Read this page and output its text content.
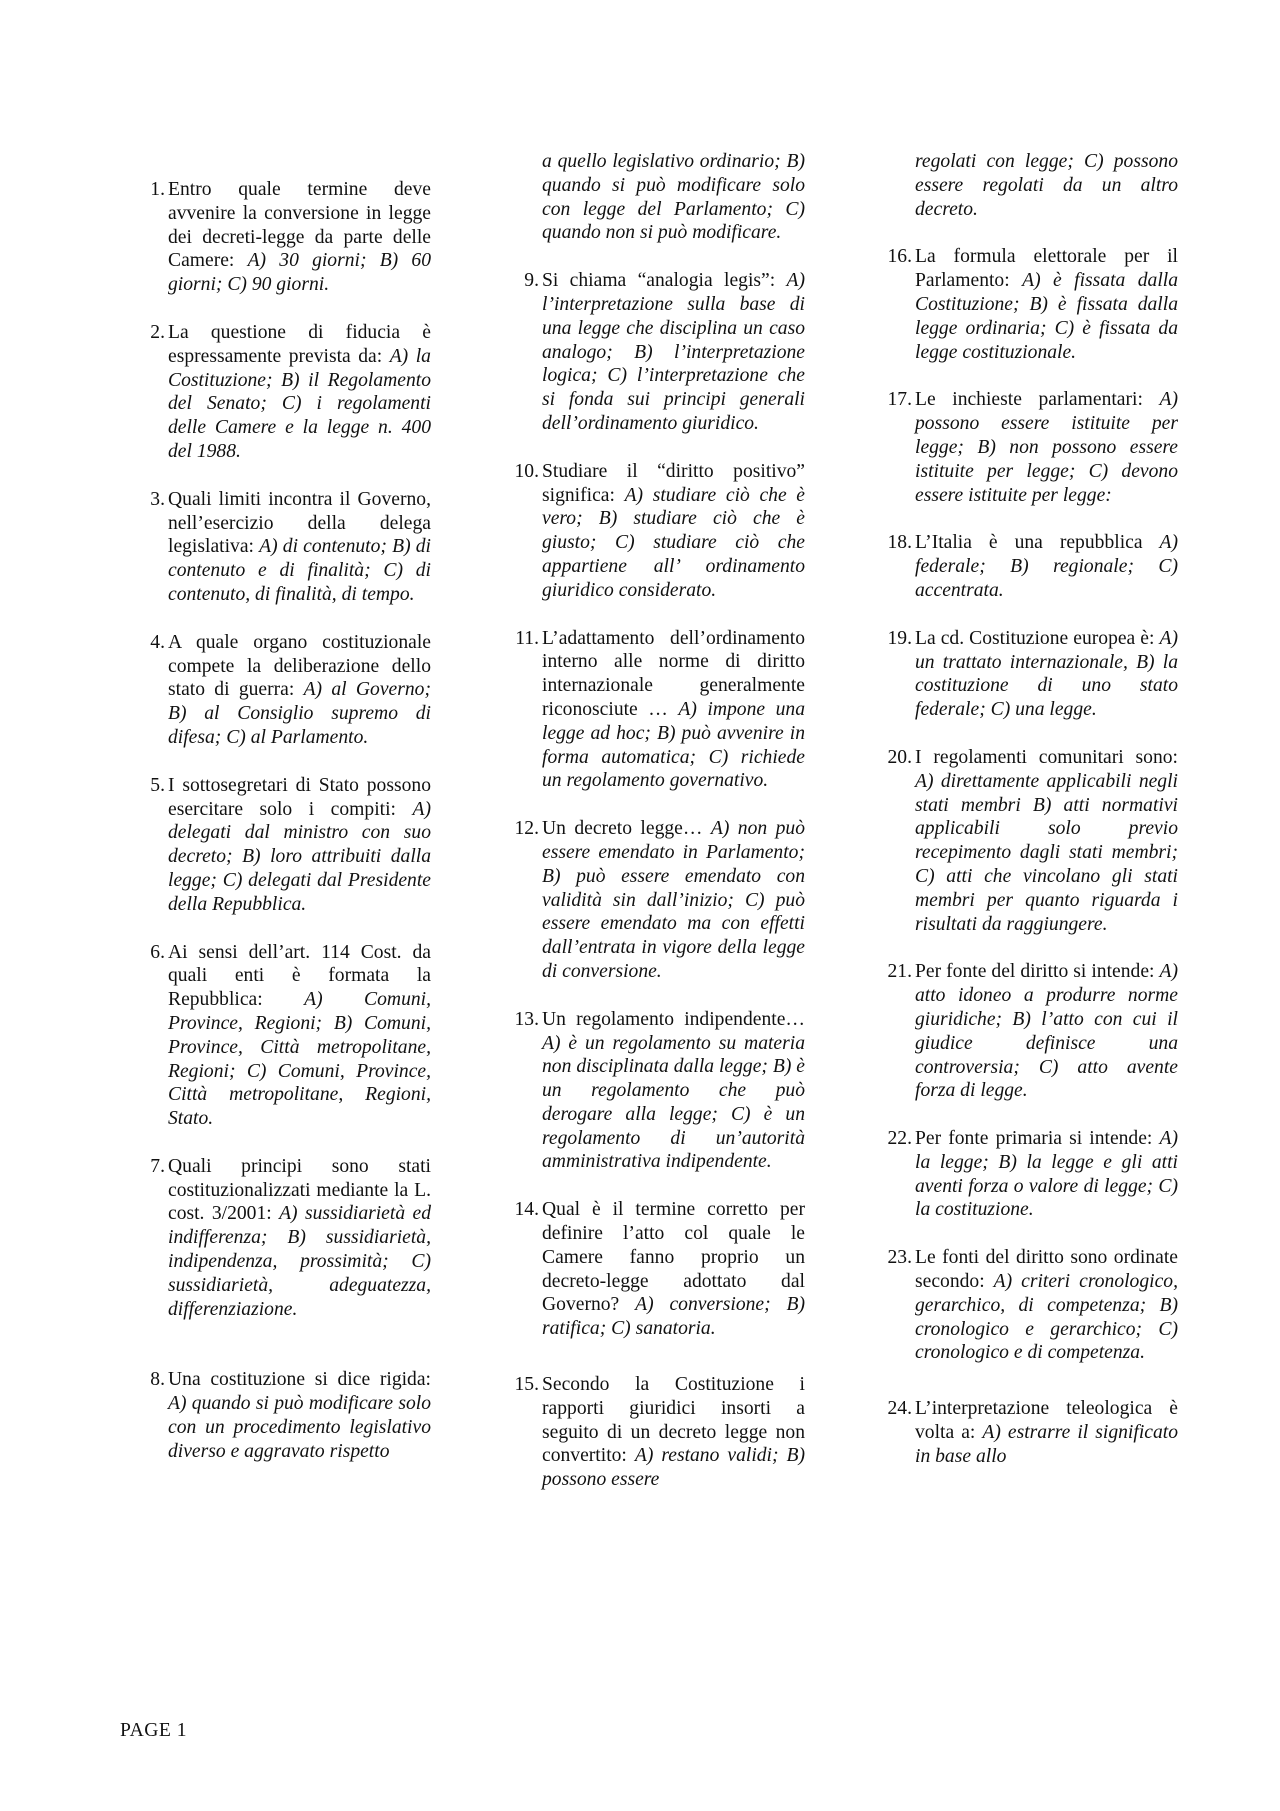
1. Entro quale termine deve avvenire la conversione in legge dei decreti-legge da parte delle Camere: A) 30 giorni; B) 60 giorni; C) 90 giorni.
2. La questione di fiducia è espressamente prevista da: A) la Costituzione; B) il Regolamento del Senato; C) i regolamenti delle Camere e la legge n. 400 del 1988.
3. Quali limiti incontra il Governo, nell’esercizio della delega legislativa: A) di contenuto; B) di contenuto e di finalità; C) di contenuto, di finalità, di tempo.
4. A quale organo costituzionale compete la deliberazione dello stato di guerra: A) al Governo; B) al Consiglio supremo di difesa; C) al Parlamento.
5. I sottosegretari di Stato possono esercitare solo i compiti: A) delegati dal ministro con suo decreto; B) loro attribuiti dalla legge; C) delegati dal Presidente della Repubblica.
6. Ai sensi dell’art. 114 Cost. da quali enti è formata la Repubblica: A) Comuni, Province, Regioni; B) Comuni, Province, Città metropolitane, Regioni; C) Comuni, Province, Città metropolitane, Regioni, Stato.
7. Quali principi sono stati costituzionalizzati mediante la L. cost. 3/2001: A) sussidiarietà ed indifferenza; B) sussidiarietà, indipendenza, prossimità; C) sussidiarietà, adeguatezza, differenziazione.
8. Una costituzione si dice rigida: A) quando si può modificare solo con un procedimento legislativo diverso e aggravato rispetto
a quello legislativo ordinario; B) quando si può modificare solo con legge del Parlamento; C) quando non si può modificare.
9. Si chiama “analogia legis”: A) l’interpretazione sulla base di una legge che disciplina un caso analogo; B) l’interpretazione logica; C) l’interpretazione che si fonda sui principi generali dell’ordinamento giuridico.
10. Studiare il “diritto positivo” significa: A) studiare ciò che è vero; B) studiare ciò che è giusto; C) studiare ciò che appartiene all’ ordinamento giuridico considerato.
11. L’adattamento dell’ordinamento interno alle norme di diritto internazionale generalmente riconosciute … A) impone una legge ad hoc; B) può avvenire in forma automatica; C) richiede un regolamento governativo.
12. Un decreto legge… A) non può essere emendato in Parlamento; B) può essere emendato con validità sin dall’inizio; C) può essere emendato ma con effetti dall’entrata in vigore della legge di conversione.
13. Un regolamento indipendente… A) è un regolamento su materia non disciplinata dalla legge; B) è un regolamento che può derogare alla legge; C) è un regolamento di un’autorità amministrativa indipendente.
14. Qual è il termine corretto per definire l’atto col quale le Camere fanno proprio un decreto-legge adottato dal Governo? A) conversione; B) ratifica; C) sanatoria.
15. Secondo la Costituzione i rapporti giuridici insorti a seguito di un decreto legge non convertito: A) restano validi; B) possono essere
regolati con legge; C) possono essere regolati da un altro decreto.
16. La formula elettorale per il Parlamento: A) è fissata dalla Costituzione; B) è fissata dalla legge ordinaria; C) è fissata da legge costituzionale.
17. Le inchieste parlamentari: A) possono essere istituite per legge; B) non possono essere istituite per legge; C) devono essere istituite per legge:
18. L’Italia è una repubblica A) federale; B) regionale; C) accentrata.
19. La cd. Costituzione europea è: A) un trattato internazionale, B) la costituzione di uno stato federale; C) una legge.
20. I regolamenti comunitari sono: A) direttamente applicabili negli stati membri B) atti normativi applicabili solo previo recepimento dagli stati membri; C) atti che vincolano gli stati membri per quanto riguarda i risultati da raggiungere.
21. Per fonte del diritto si intende: A) atto idoneo a produrre norme giuridiche; B) l’atto con cui il giudice definisce una controversia; C) atto avente forza di legge.
22. Per fonte primaria si intende: A) la legge; B) la legge e gli atti aventi forza o valore di legge; C) la costituzione.
23. Le fonti del diritto sono ordinate secondo: A) criteri cronologico, gerarchico, di competenza; B) cronologico e gerarchico; C) cronologico e di competenza.
24. L’interpretazione teleologica è volta a: A) estrarre il significato in base allo
PAGE 1
